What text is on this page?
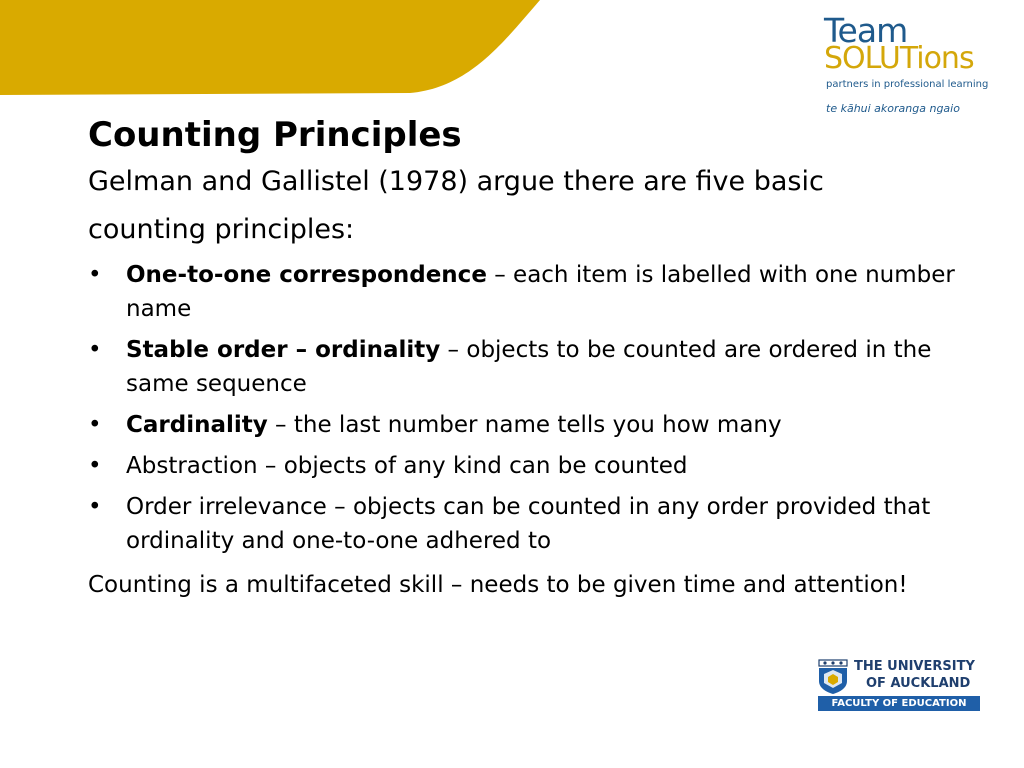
Team
SOLUTions
partners in professional learning
te kāhui akoranga ngaio
Counting Principles

Gelman and Gallistel (1978) argue there are five basic counting principles:

• One-to-one correspondence – each item is labelled with one number name
• Stable order – ordinality – objects to be counted are ordered in the same sequence
• Cardinality – the last number name tells you how many
• Abstraction – objects of any kind can be counted
• Order irrelevance – objects can be counted in any order provided that ordinality and one-to-one adhered to

Counting is a multifaceted skill – needs to be given time and attention!

THE UNIVERSITY
OF AUCKLAND
FACULTY OF EDUCATION
